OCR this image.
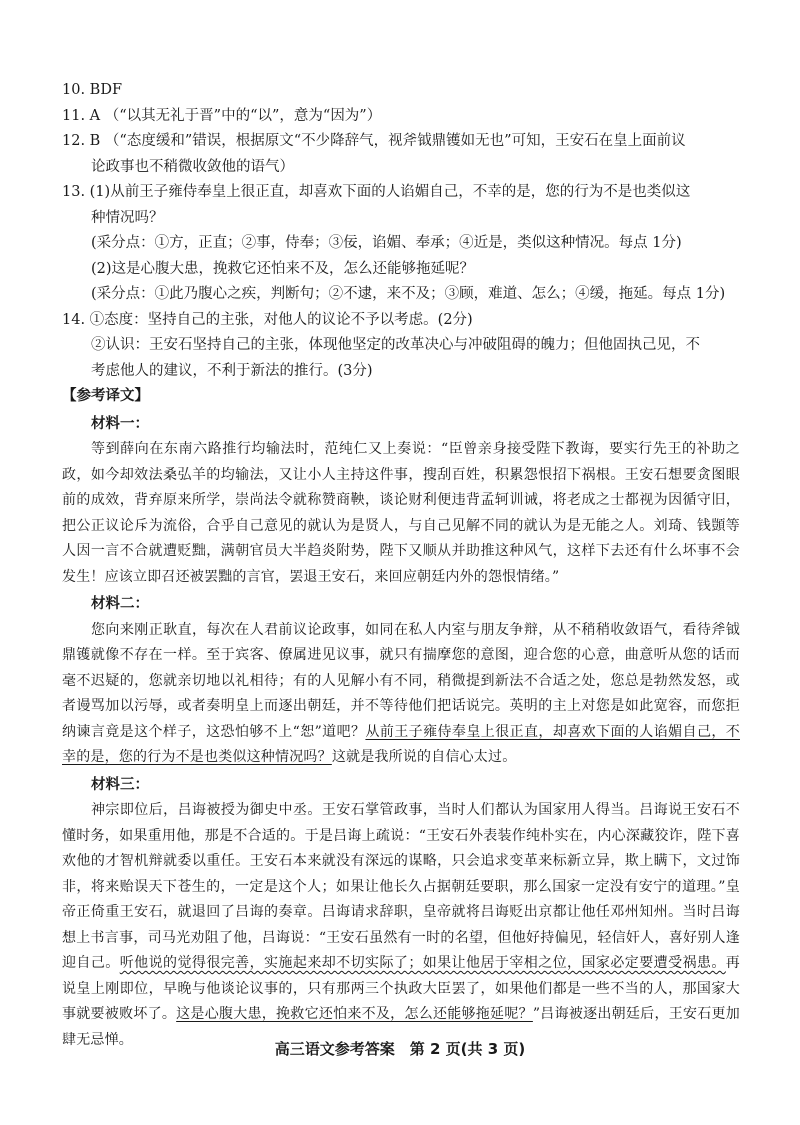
10. BDF

11. A （“以其无礼于晋”中的“以”，意为“因为”）

12. B （“态度缓和”错误，根据原文“不少降辞气，视斧钺鼎镬如无也”可知，王安石在皇上面前议

论政事也不稍微收敛他的语气）

13. (1)从前王子雍侍奉皇上很正直，却喜欢下面的人谄媚自己，不幸的是，您的行为不是也类似这

种情况吗？

(采分点：①方，正直；②事，侍奉；③佞，谄媚、奉承；④近是，类似这种情况。每点 1分)

(2)这是心腹大患，挽救它还怕来不及，怎么还能够拖延呢？

(采分点：①此乃腹心之疾，判断句；②不逮，来不及；③顾，难道、怎么；④缓，拖延。每点 1分)

14. ①态度：坚持自己的主张，对他人的议论不予以考虑。(2分)

②认识：王安石坚持自己的主张，体现他坚定的改革决心与冲破阻碍的魄力；但他固执己见，不

考虑他人的建议，不利于新法的推行。(3分)

【参考译文】

材料一：

等到薛向在东南六路推行均输法时，范纯仁又上奏说：“臣曾亲身接受陛下教诲，要实行先王的补助之政，如今却效法桑弘羊的均输法，又让小人主持这件事，搜刮百姓，积累怨恨招下祸根。王安石想要贪图眼前的成效，背弃原来所学，崇尚法令就称赞商鞅，谈论财利便违背孟轲训诫，将老成之士都视为因循守旧，把公正议论斥为流俗，合乎自己意见的就认为是贤人，与自己见解不同的就认为是无能之人。刘琦、钱顗等人因一言不合就遭贬黜，满朝官员大半趋炎附势，陛下又顺从并助推这种风气，这样下去还有什么坏事不会发生！应该立即召还被罢黜的言官，罢退王安石，来回应朝廷内外的怨恨情绪。”

材料二：

您向来刚正耿直，每次在人君前议论政事，如同在私人内室与朋友争辩，从不稍稍收敛语气，看待斧钺鼎镬就像不存在一样。至于宾客、僚属进见议事，就只有揣摩您的意图，迎合您的心意，曲意听从您的话而毫不迟疑的，您就亲切地以礼相待；有的人见解小有不同，稍微提到新法不合适之处，您总是勃然发怒，或者谩骂加以污辱，或者奏明皇上而逐出朝廷，并不等待他们把话说完。英明的主上对您是如此宽容，而您拒纳谏言竟是这个样子，这恐怕够不上“恕”道吧？从前王子雍侍奉皇上很正直，却喜欢下面的人谄媚自己，不幸的是，您的行为不是也类似这种情况吗？这就是我所说的自信心太过。

材料三：

神宗即位后，吕诲被授为御史中丞。王安石掌管政事，当时人们都认为国家用人得当。吕诲说王安石不懂时务，如果重用他，那是不合适的。于是吕诲上疏说：“王安石外表装作纯朴实在，内心深藏狡诈，陛下喜欢他的才智机辩就委以重任。王安石本来就没有深远的谋略，只会追求变革来标新立异，欺上瞒下，文过饰非，将来贻误天下苍生的，一定是这个人；如果让他长久占据朝廷要职，那么国家一定没有安宁的道理。”皇帝正倚重王安石，就退回了吕诲的奏章。吕诲请求辞职，皇帝就将吕诲贬出京都让他任邓州知州。当时吕诲想上书言事，司马光劝阻了他，吕诲说：“王安石虽然有一时的名望，但他好持偏见，轻信奸人，喜好别人逢迎自己。听他说的觉得很完善，实施起来却不切实际了；如果让他居于宰相之位，国家必定要遭受祸患。再说皇上刚即位，早晚与他谈论议事的，只有那两三个执政大臣罢了，如果他们都是一些不当的人，那国家大事就要被败坏了。这是心腹大患，挽救它还怕来不及，怎么还能够拖延呢？”吕诲被逐出朝廷后，王安石更加肆无忌惮。

高三语文参考答案　第 2 页(共 3 页)
